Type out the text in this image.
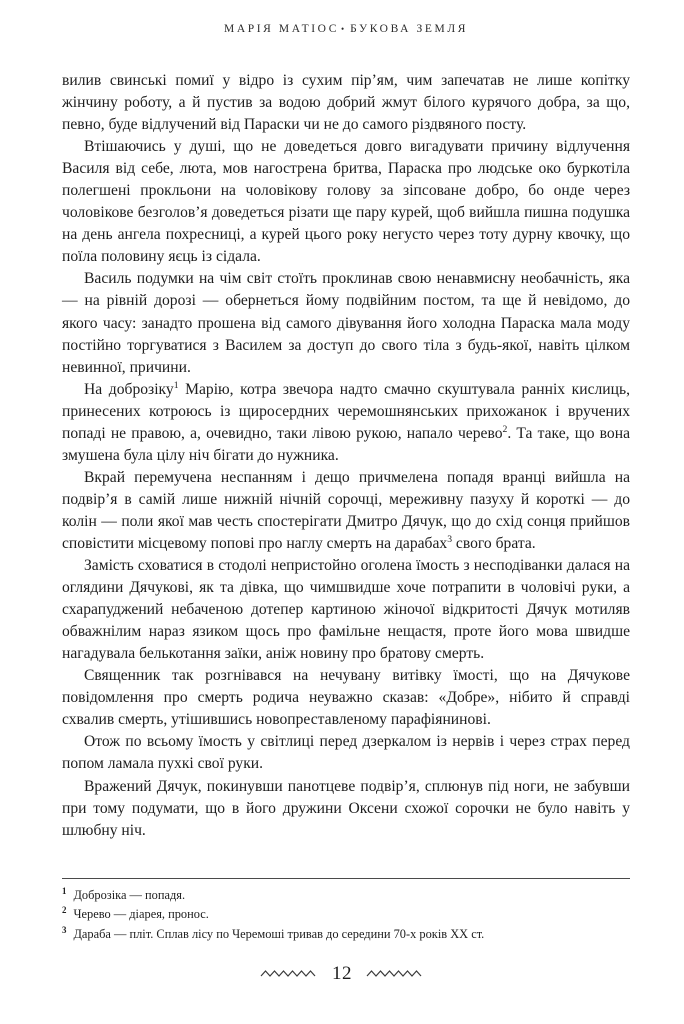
МАРІЯ МАТІОС • БУКОВА ЗЕМЛЯ

вилив свинські помиї у відро із сухим пір’ям, чим запечатав не лише копітку жінчину роботу, а й пустив за водою добрий жмут білого курячого добра, за що, певно, буде відлучений від Параски чи не до самого різдвяного посту.

Втішаючись у душі, що не доведеться довго вигадувати причину відлучення Василя від себе, люта, мов нагострена бритва, Параска про людське око буркотіла полегшені прокльони на чоловікову голову за зіпсоване добро, бо онде через чоловікове безголов’я доведеться різати ще пару курей, щоб вийшла пишна подушка на день ангела похресниці, а курей цього року негусто через тоту дурну квочку, що поїла половину яєць із сідала.

Василь подумки на чім світ стоїть проклинав свою ненавмисну необачність, яка — на рівній дорозі — обернеться йому подвійним постом, та ще й невідомо, до якого часу: занадто прошена від самого дівування його холодна Параска мала моду постійно торгуватися з Василем за доступ до свого тіла з будь-якої, навіть цілком невинної, причини.

На доброзіку$^1$ Марію, котра звечора надто смачно скуштувала ранніх кислиць, принесених котроюсь із щиросердних черемошнянських прихожанок і вручених попаді не правою, а, очевидно, таки лівою рукою, напало черево$^2$. Та таке, що вона змушена була цілу ніч бігати до нужника.

Вкрай перемучена неспанням і дещо причмелена попадя вранці вийшла на подвір’я в самій лише нижній нічній сорочці, мереживну пазуху й короткі — до колін — поли якої мав честь спостерігати Дмитро Дячук, що до схід сонця прийшов сповістити місцевому попові про наглу смерть на дарабах$^3$ свого брата.

Замість сховатися в стодолі непристойно оголена їмость з несподіванки далася на оглядини Дячукові, як та дівка, що чимшвидше хоче потрапити в чоловічі руки, а схарапуджений небаченою дотепер картиною жіночої відкритості Дячук мотиляв обважнілим нараз язиком щось про фамільне нещастя, проте його мова швидше нагадувала белькотання заїки, аніж новину про братову смерть.

Священник так розгнівався на нечувану витівку їмості, що на Дячукове повідомлення про смерть родича неуважно сказав: «Добре», нібито й справді схвалив смерть, утішившись новопреставленому парафіянинові.

Отож по всьому їмость у світлиці перед дзеркалом із нервів і через страх перед попом ламала пухкі свої руки.

Вражений Дячук, покинувши панотцеве подвір’я, сплюнув під ноги, не забувши при тому подумати, що в його дружини Оксени схожої сорочки не було навіть у шлюбну ніч.

$^1$ Доброзіка — попадя.

$^2$ Черево — діарея, пронос.

$^3$ Дараба — пліт. Сплав лісу по Черемоші тривав до середини 70-х років XX ст.

12
